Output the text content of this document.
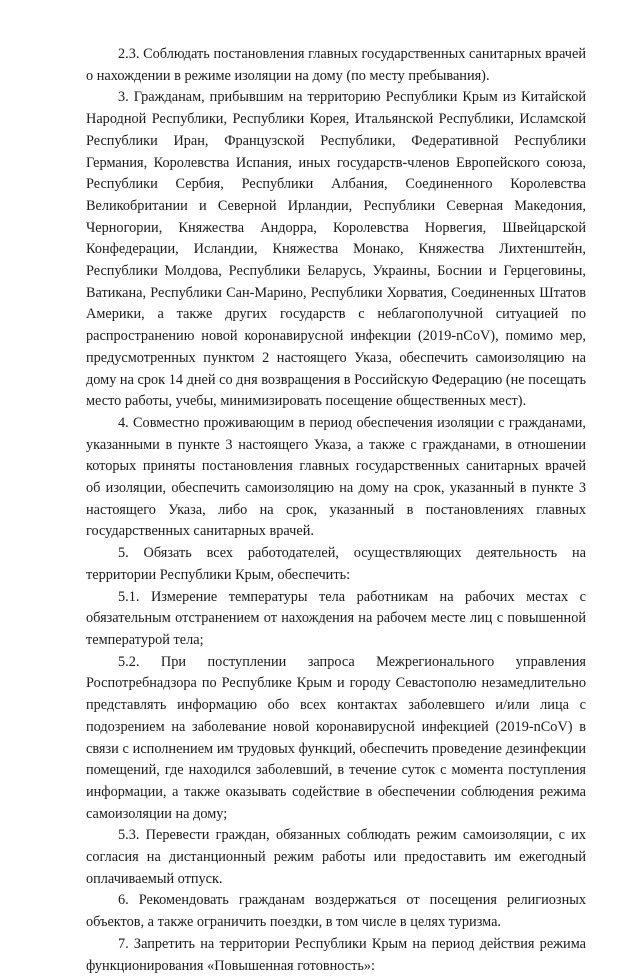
2.3. Соблюдать постановления главных государственных санитарных врачей о нахождении в режиме изоляции на дому (по месту пребывания).

3. Гражданам, прибывшим на территорию Республики Крым из Китайской Народной Республики, Республики Корея, Итальянской Республики, Исламской Республики Иран, Французской Республики, Федеративной Республики Германия, Королевства Испания, иных государств-членов Европейского союза, Республики Сербия, Республики Албания, Соединенного Королевства Великобритании и Северной Ирландии, Республики Северная Македония, Черногории, Княжества Андорра, Королевства Норвегия, Швейцарской Конфедерации, Исландии, Княжества Монако, Княжества Лихтенштейн, Республики Молдова, Республики Беларусь, Украины, Боснии и Герцеговины, Ватикана, Республики Сан-Марино, Республики Хорватия, Соединенных Штатов Америки, а также других государств с неблагополучной ситуацией по распространению новой коронавирусной инфекции (2019-nCoV), помимо мер, предусмотренных пунктом 2 настоящего Указа, обеспечить самоизоляцию на дому на срок 14 дней со дня возвращения в Российскую Федерацию (не посещать место работы, учебы, минимизировать посещение общественных мест).

4. Совместно проживающим в период обеспечения изоляции с гражданами, указанными в пункте 3 настоящего Указа, а также с гражданами, в отношении которых приняты постановления главных государственных санитарных врачей об изоляции, обеспечить самоизоляцию на дому на срок, указанный в пункте 3 настоящего Указа, либо на срок, указанный в постановлениях главных государственных санитарных врачей.

5. Обязать всех работодателей, осуществляющих деятельность на территории Республики Крым, обеспечить:

5.1. Измерение температуры тела работникам на рабочих местах с обязательным отстранением от нахождения на рабочем месте лиц с повышенной температурой тела;

5.2. При поступлении запроса Межрегионального управления Роспотребнадзора по Республике Крым и городу Севастополю незамедлительно представлять информацию обо всех контактах заболевшего и/или лица с подозрением на заболевание новой коронавирусной инфекцией (2019-nCoV) в связи с исполнением им трудовых функций, обеспечить проведение дезинфекции помещений, где находился заболевший, в течение суток с момента поступления информации, а также оказывать содействие в обеспечении соблюдения режима самоизоляции на дому;

5.3. Перевести граждан, обязанных соблюдать режим самоизоляции, с их согласия на дистанционный режим работы или предоставить им ежегодный оплачиваемый отпуск.

6. Рекомендовать гражданам воздержаться от посещения религиозных объектов, а также ограничить поездки, в том числе в целях туризма.

7. Запретить на территории Республики Крым на период действия режима функционирования «Повышенная готовность»:
